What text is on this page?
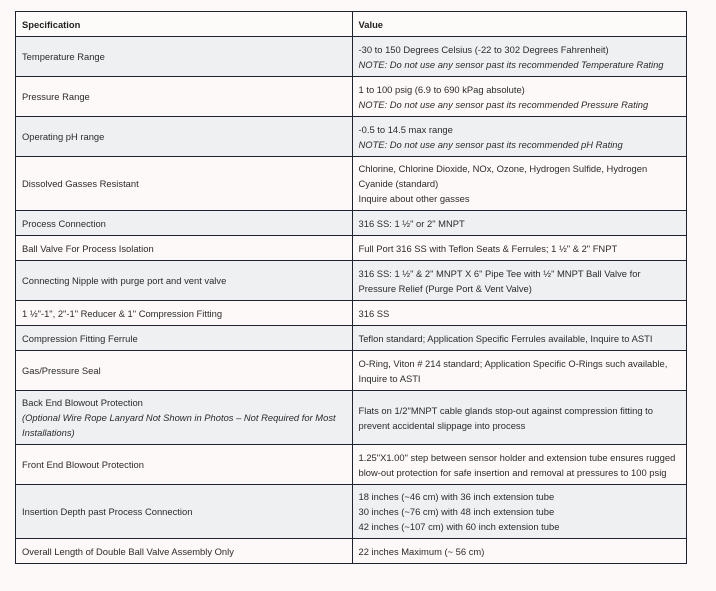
Specification	Value
Temperature Range	-30 to 150 Degrees Celsius (-22 to 302 Degrees Fahrenheit)
NOTE: Do not use any sensor past its recommended Temperature Rating

Pressure Range	1 to 100 psig (6.9 to 690 kPag absolute)
NOTE: Do not use any sensor past its recommended Pressure Rating

Operating pH range	-0.5 to 14.5 max range
NOTE: Do not use any sensor past its recommended pH Rating

Dissolved Gasses Resistant	Chlorine, Chlorine Dioxide, NOx, Ozone, Hydrogen Sulfide, Hydrogen Cyanide (standard)
Inquire about other gasses

Process Connection	316 SS: 1 ½" or 2" MNPT
Ball Valve For Process Isolation	Full Port 316 SS with Teflon Seats & Ferrules; 1 ½" & 2" FNPT
Connecting Nipple with purge port and vent valve	316 SS: 1 ½" & 2" MNPT X 6" Pipe Tee with ½" MNPT Ball Valve for Pressure Relief (Purge Port & Vent Valve)
1 ½"-1", 2"-1" Reducer & 1" Compression Fitting	316 SS
Compression Fitting Ferrule	Teflon standard; Application Specific Ferrules available, Inquire to ASTI
Gas/Pressure Seal	O-Ring, Viton # 214 standard; Application Specific O-Rings such available, Inquire to ASTI

Back End Blowout Protection
(Optional Wire Rope Lanyard Not Shown in Photos – Not Required for Most Installations)	Flats on 1/2"MNPT cable glands stop-out against compression fitting to prevent accidental slippage into process
Front End Blowout Protection	1.25"X1.00" step between sensor holder and extension tube ensures rugged blow-out protection for safe insertion and removal at pressures to 100 psig
Insertion Depth past Process Connection	18 inches (~46 cm) with 36 inch extension tube
30 inches (~76 cm) with 48 inch extension tube
42 inches (~107 cm) with 60 inch extension tube

Overall Length of Double Ball Valve Assembly Only	22 inches Maximum (~ 56 cm)
